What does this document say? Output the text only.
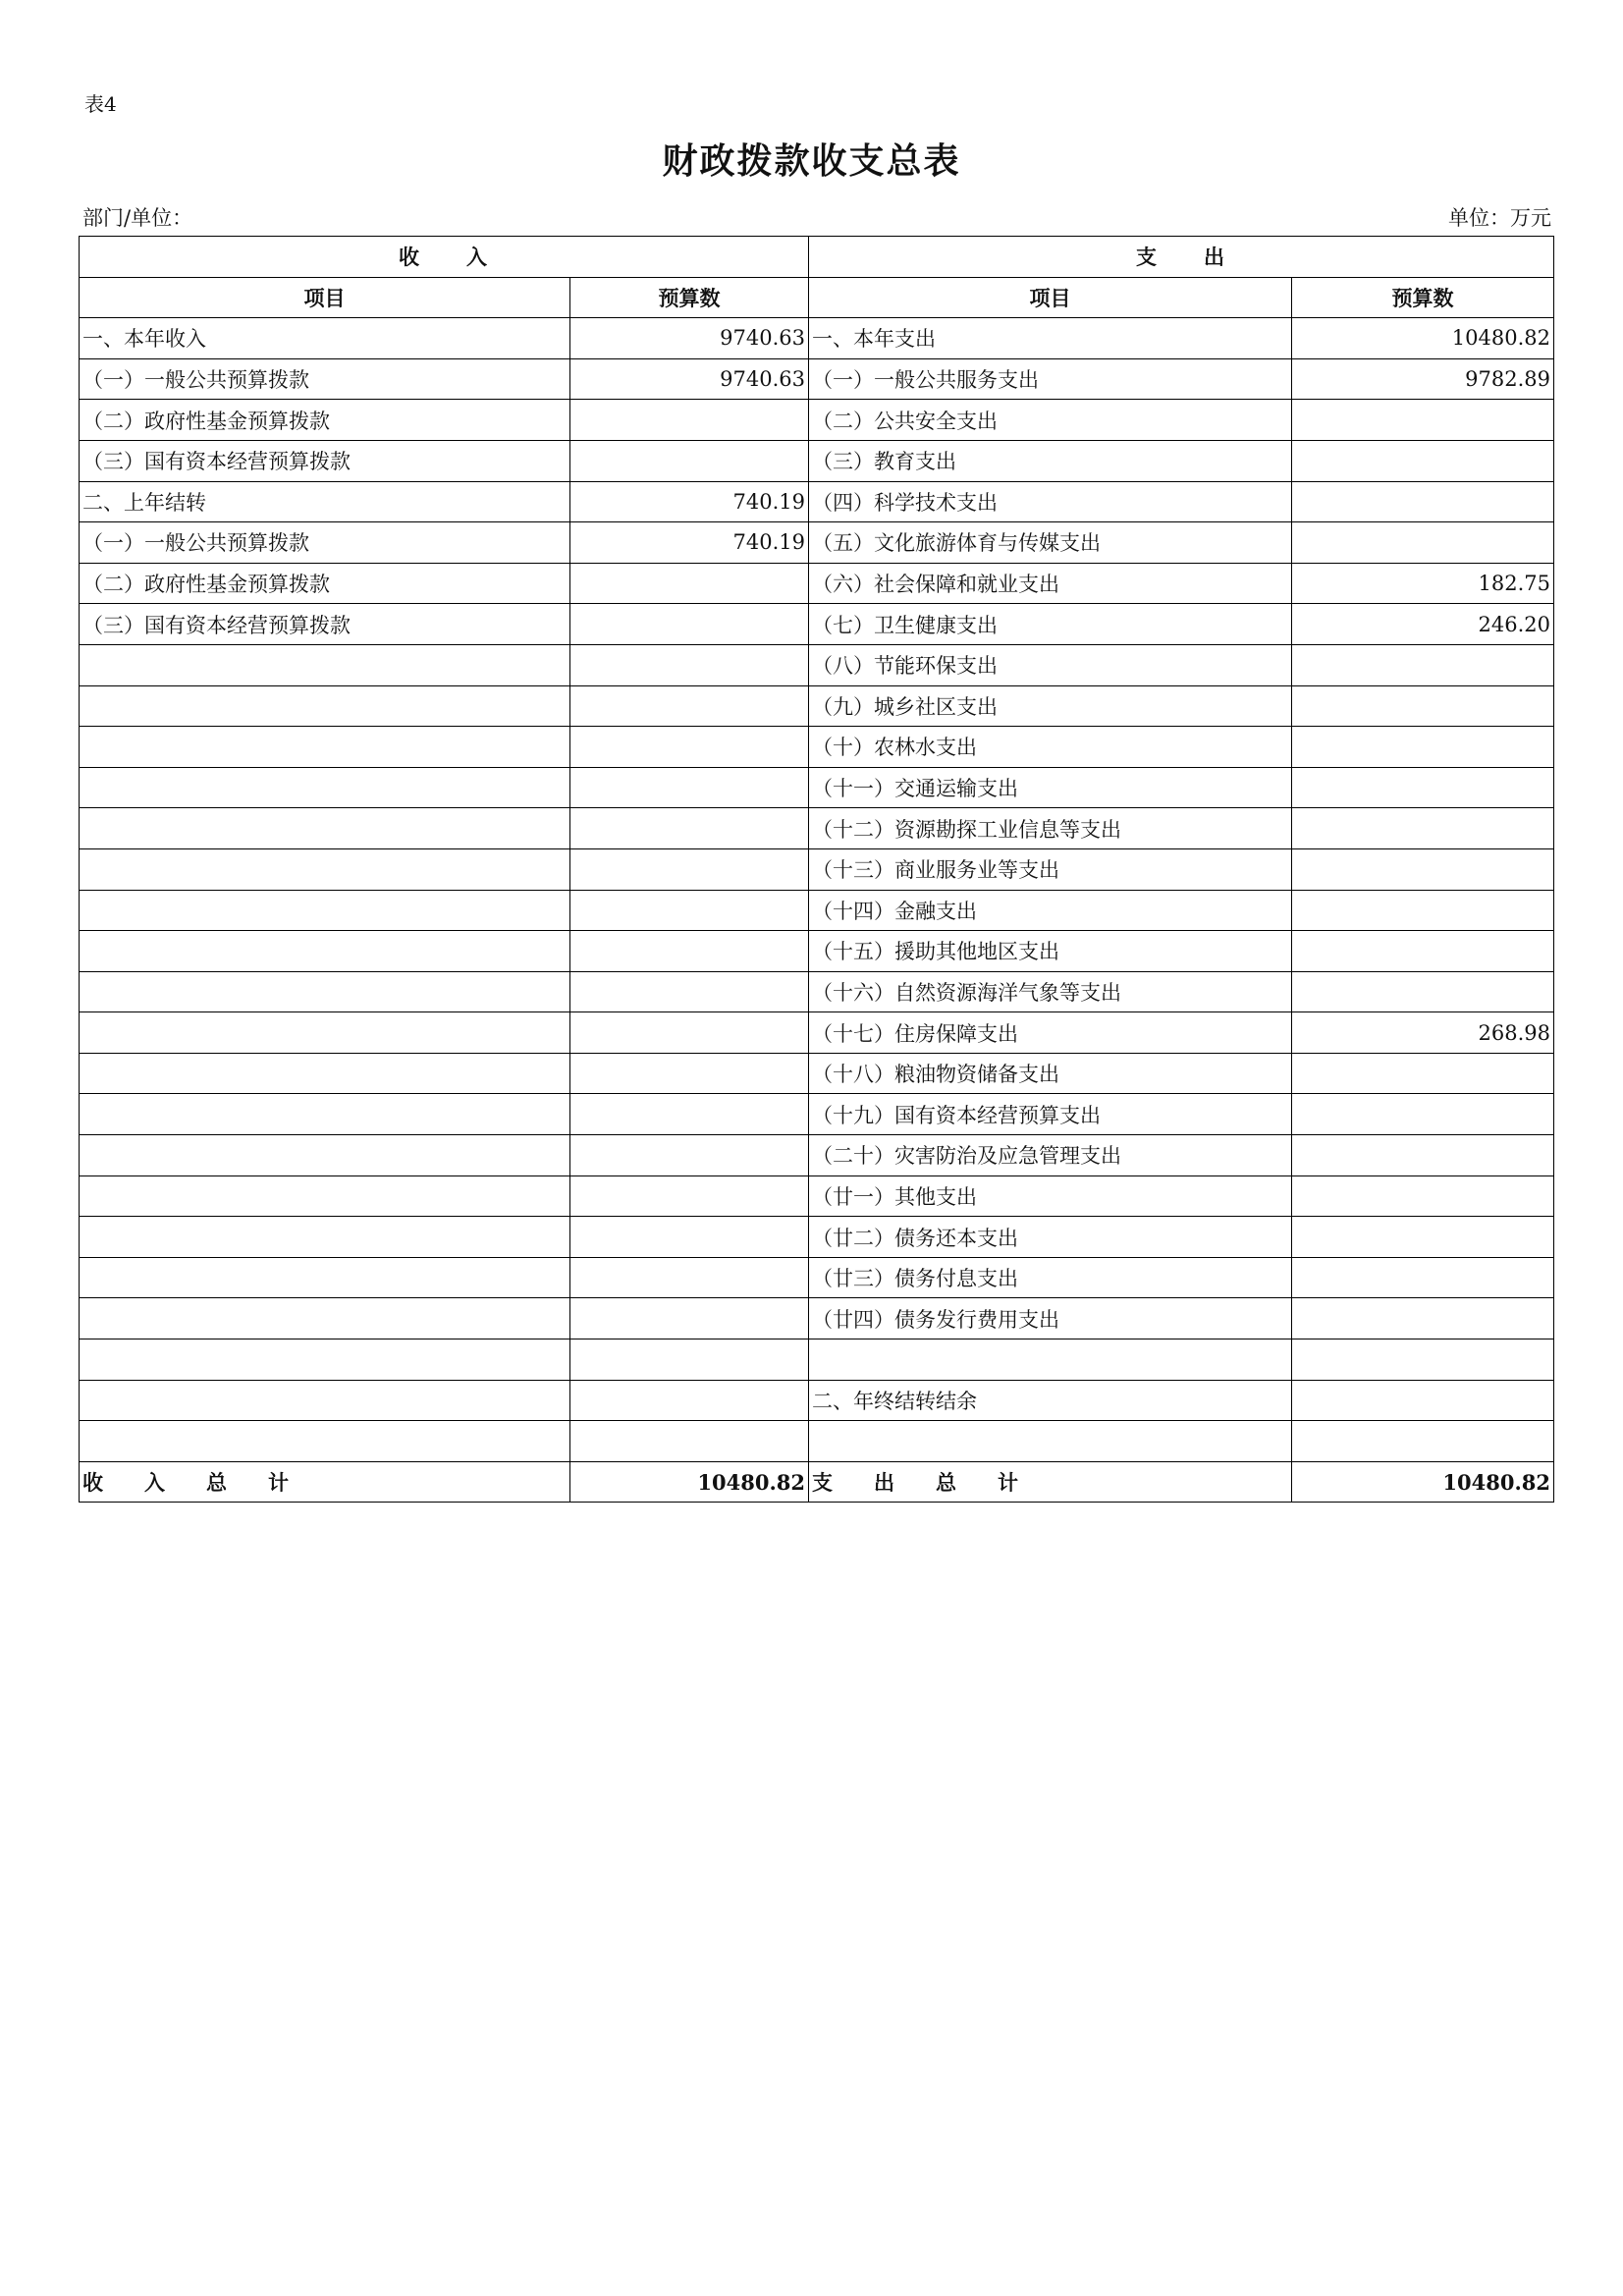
表4
财政拨款收支总表
部门/单位：	单位：万元
收　　入		支　　出	
项目	预算数	项目	预算数
一、本年收入	9740.63	一、本年支出	10480.82
（一）一般公共预算拨款	9740.63	（一）一般公共服务支出	9782.89
（二）政府性基金预算拨款		（二）公共安全支出	
（三）国有资本经营预算拨款		（三）教育支出	
二、上年结转	740.19	（四）科学技术支出	
（一）一般公共预算拨款	740.19	（五）文化旅游体育与传媒支出	
（二）政府性基金预算拨款		（六）社会保障和就业支出	182.75
（三）国有资本经营预算拨款		（七）卫生健康支出	246.20
		（八）节能环保支出	
		（九）城乡社区支出	
		（十）农林水支出	
		（十一）交通运输支出	
		（十二）资源勘探工业信息等支出	
		（十三）商业服务业等支出	
		（十四）金融支出	
		（十五）援助其他地区支出	
		（十六）自然资源海洋气象等支出	
		（十七）住房保障支出	268.98
		（十八）粮油物资储备支出	
		（十九）国有资本经营预算支出	
		（二十）灾害防治及应急管理支出	
		（廿一）其他支出	
		（廿二）债务还本支出	
		（廿三）债务付息支出	
		（廿四）债务发行费用支出	

		二、年终结转结余	

收　　入　　总　　计	10480.82	支　　出　　总　　计	10480.82
